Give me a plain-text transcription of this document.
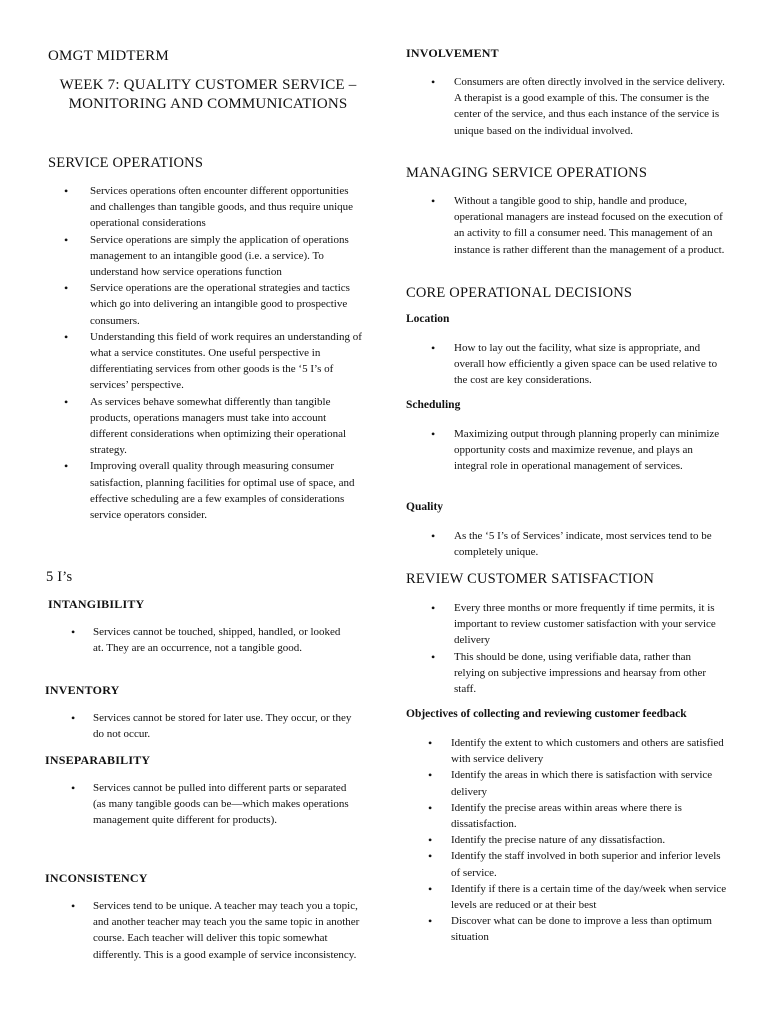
OMGT MIDTERM
WEEK 7: QUALITY CUSTOMER SERVICE – MONITORING AND COMMUNICATIONS
SERVICE OPERATIONS
• Services operations often encounter different opportunities and challenges than tangible goods, and thus require unique operational considerations
• Service operations are simply the application of operations management to an intangible good (i.e. a service). To understand how service operations function
• Service operations are the operational strategies and tactics which go into delivering an intangible good to prospective consumers.
• Understanding this field of work requires an understanding of what a service constitutes. One useful perspective in differentiating services from other goods is the ‘5 I’s of services’ perspective.
• As services behave somewhat differently than tangible products, operations managers must take into account different considerations when optimizing their operational strategy.
• Improving overall quality through measuring consumer satisfaction, planning facilities for optimal use of space, and effective scheduling are a few examples of considerations service operators consider.
5 I’s
INTANGIBILITY
• Services cannot be touched, shipped, handled, or looked at. They are an occurrence, not a tangible good.
INVENTORY
• Services cannot be stored for later use. They occur, or they do not occur.
INSEPARABILITY
• Services cannot be pulled into different parts or separated (as many tangible goods can be—which makes operations management quite different for products).
INCONSISTENCY
• Services tend to be unique. A teacher may teach you a topic, and another teacher may teach you the same topic in another course. Each teacher will deliver this topic somewhat differently. This is a good example of service inconsistency.
INVOLVEMENT
• Consumers are often directly involved in the service delivery. A therapist is a good example of this. The consumer is the center of the service, and thus each instance of the service is unique based on the individual involved.
MANAGING SERVICE OPERATIONS
• Without a tangible good to ship, handle and produce, operational managers are instead focused on the execution of an activity to fill a consumer need. This management of an instance is rather different than the management of a product.
CORE OPERATIONAL DECISIONS
Location
• How to lay out the facility, what size is appropriate, and overall how efficiently a given space can be used relative to the cost are key considerations.
Scheduling
• Maximizing output through planning properly can minimize opportunity costs and maximize revenue, and plays an integral role in operational management of services.
Quality
• As the ‘5 I’s of Services’ indicate, most services tend to be completely unique.
REVIEW CUSTOMER SATISFACTION
• Every three months or more frequently if time permits, it is important to review customer satisfaction with your service delivery
• This should be done, using verifiable data, rather than relying on subjective impressions and hearsay from other staff.
Objectives of collecting and reviewing customer feedback
• Identify the extent to which customers and others are satisfied with service delivery
• Identify the areas in which there is satisfaction with service delivery
• Identify the precise areas within areas where there is dissatisfaction.
• Identify the precise nature of any dissatisfaction.
• Identify the staff involved in both superior and inferior levels of service.
• Identify if there is a certain time of the day/week when service levels are reduced or at their best
• Discover what can be done to improve a less than optimum situation
